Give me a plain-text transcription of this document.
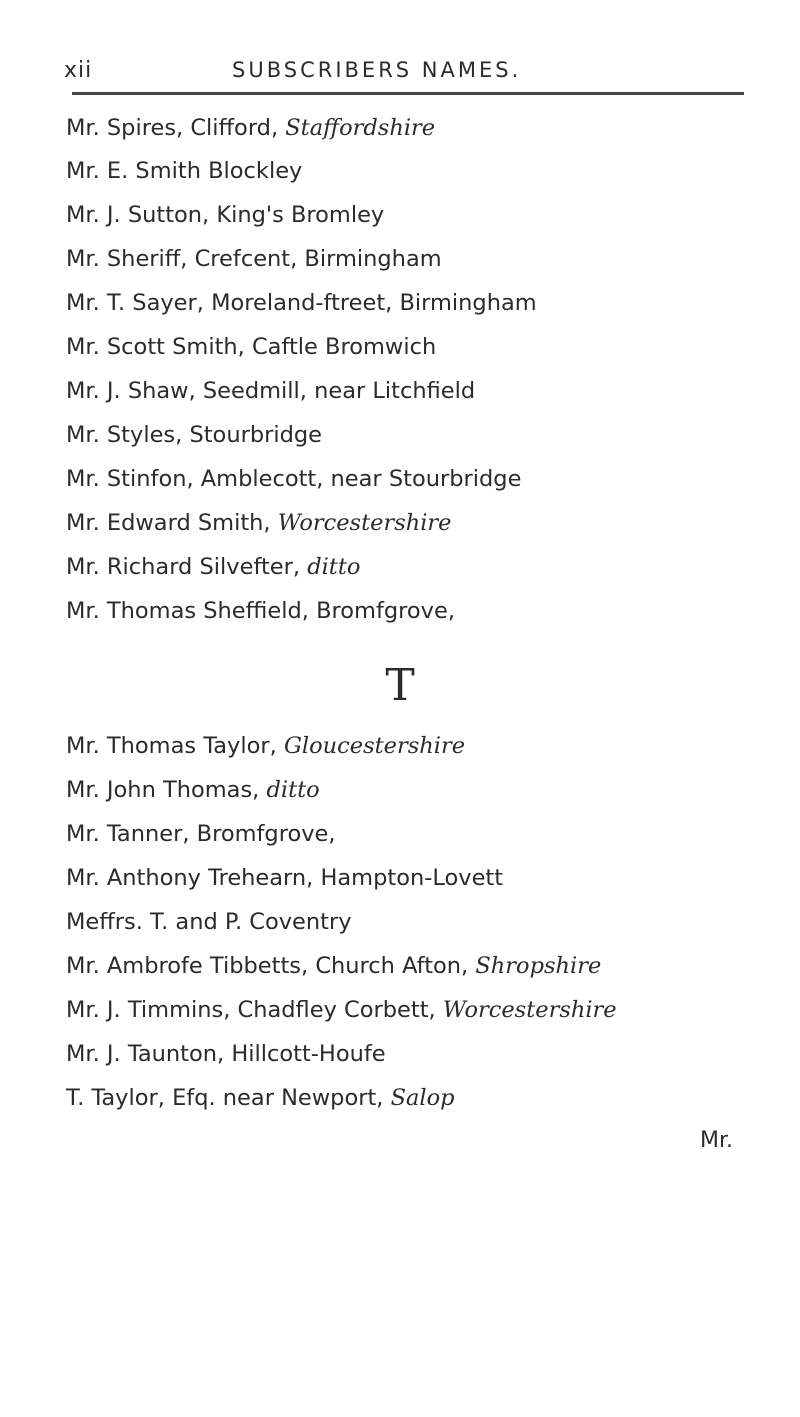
xii	SUBSCRIBERS NAMES.
Mr. Spires, Clifford, Staffordshire
Mr. E. Smith Blockley
Mr. J. Sutton, King's Bromley
Mr. Sheriff, Crefcent, Birmingham
Mr. T. Sayer, Moreland-ftreet, Birmingham
Mr. Scott Smith, Caftle Bromwich
Mr. J. Shaw, Seedmill, near Litchfield
Mr. Styles, Stourbridge
Mr. Stinfon, Amblecott, near Stourbridge
Mr. Edward Smith, Worcestershire
Mr. Richard Silvefter, ditto
Mr. Thomas Sheffield, Bromfgrove,
Mr. Thomas Taylor, Gloucestershire
Mr. John Thomas, ditto
Mr. Tanner, Bromfgrove,
Mr. Anthony Trehearn, Hampton-Lovett
Meffrs. T. and P. Coventry
Mr. Ambrofe Tibbetts, Church Afton, Shropshire
Mr. J. Timmins, Chadfley Corbett, Worcestershire
Mr. J. Taunton, Hillcott-Houfe
T. Taylor, Efq. near Newport, Salop
T
Mr.
